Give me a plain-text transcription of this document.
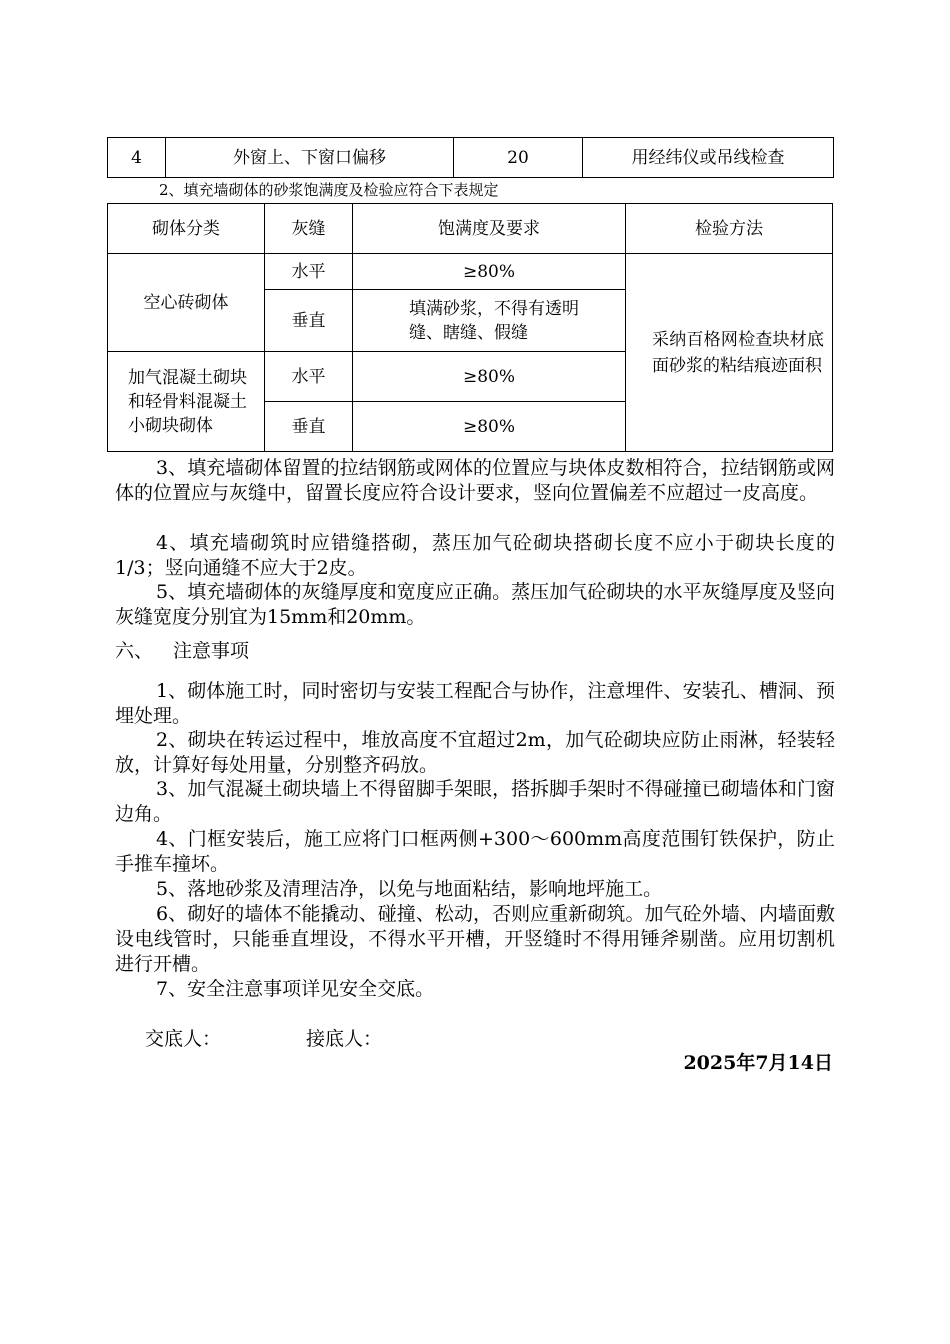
4	外窗上、下窗口偏移	20	用经纬仪或吊线检查
2、填充墙砌体的砂浆饱满度及检验应符合下表规定
砌体分类	灰缝	饱满度及要求	检验方法
空心砖砌体	水平	≥80%	采纳百格网检查块材底面砂浆的粘结痕迹面积
	垂直	填满砂浆，不得有透明缝、瞎缝、假缝	
加气混凝土砌块和轻骨料混凝土小砌块砌体	水平	≥80%	
	垂直	≥80%	

3、填充墙砌体留置的拉结钢筋或网体的位置应与块体皮数相符合，拉结钢筋或网体的位置应与灰缝中，留置长度应符合设计要求，竖向位置偏差不应超过一皮高度。

4、填充墙砌筑时应错缝搭砌，蒸压加气砼砌块搭砌长度不应小于砌块长度的1/3；竖向通缝不应大于2皮。

5、填充墙砌体的灰缝厚度和宽度应正确。蒸压加气砼砌块的水平灰缝厚度及竖向灰缝宽度分别宜为15mm和20mm。

六、 注意事项

1、砌体施工时，同时密切与安装工程配合与协作，注意埋件、安装孔、槽洞、预埋处理。

2、砌块在转运过程中，堆放高度不宜超过2m，加气砼砌块应防止雨淋，轻装轻放，计算好每处用量，分别整齐码放。

3、加气混凝土砌块墙上不得留脚手架眼，搭拆脚手架时不得碰撞已砌墙体和门窗边角。

4、门框安装后，施工应将门口框两侧+300～600mm高度范围钉铁保护，防止手推车撞坏。

5、落地砂浆及清理洁净，以免与地面粘结，影响地坪施工。

6、砌好的墙体不能撬动、碰撞、松动，否则应重新砌筑。加气砼外墙、内墙面敷设电线管时，只能垂直埋设，不得水平开槽，开竖缝时不得用锤斧剔凿。应用切割机进行开槽。

7、安全注意事项详见安全交底。

交底人：	接底人：
2025年7月14日
